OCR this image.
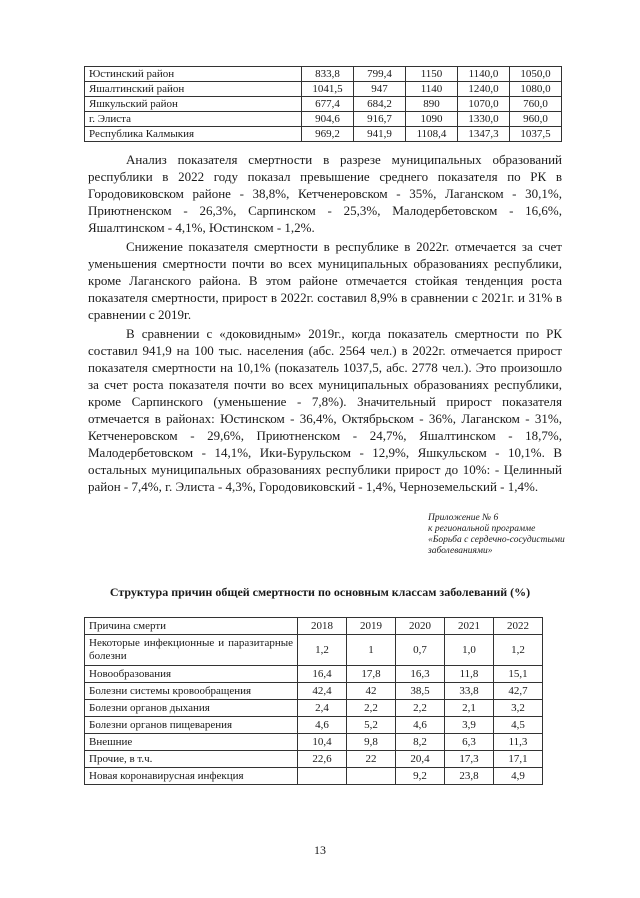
Юстинский район	833,8	799,4	1150	1140,0	1050,0
Яшалтинский район	1041,5	947	1140	1240,0	1080,0
Яшкульский район	677,4	684,2	890	1070,0	760,0
г. Элиста	904,6	916,7	1090	1330,0	960,0
Республика Калмыкия	969,2	941,9	1108,4	1347,3	1037,5

Анализ показателя смертности в разрезе муниципальных образований республики в 2022 году показал превышение среднего показателя по РК в Городовиковском районе - 38,8%, Кетченеровском - 35%, Лаганском - 30,1%, Приютненском - 26,3%, Сарпинском - 25,3%, Малодербетовском - 16,6%, Яшалтинском - 4,1%, Юстинском - 1,2%.

Снижение показателя смертности в республике в 2022г. отмечается за счет уменьшения смертности почти во всех муниципальных образованиях республики, кроме Лаганского района. В этом районе отмечается стойкая тенденция роста показателя смертности, прирост в 2022г. составил 8,9% в сравнении с 2021г. и 31% в сравнении с 2019г.

В сравнении с «доковидным» 2019г., когда показатель смертности по РК составил 941,9 на 100 тыс. населения (абс. 2564 чел.) в 2022г. отмечается прирост показателя смертности на 10,1% (показатель 1037,5, абс. 2778 чел.). Это произошло за счет роста показателя почти во всех муниципальных образованиях республики, кроме Сарпинского (уменьшение - 7,8%). Значительный прирост показателя отмечается в районах: Юстинском - 36,4%, Октябрьском - 36%, Лаганском - 31%, Кетченеровском - 29,6%, Приютненском - 24,7%, Яшалтинском - 18,7%, Малодербетовском - 14,1%, Ики-Бурульском - 12,9%, Яшкульском - 10,1%. В остальных муниципальных образованиях республики прирост до 10%: - Целинный район - 7,4%, г. Элиста - 4,3%, Городовиковский - 1,4%, Черноземельский - 1,4%.

Приложение № 6
к региональной программе
«Борьба с сердечно-сосудистыми
заболеваниями»
Структура причин общей смертности по основным классам заболеваний (%)
Причина смерти	2018	2019	2020	2021	2022
Некоторые инфекционные и паразитарные болезни	1,2	1	0,7	1,0	1,2
Новообразования	16,4	17,8	16,3	11,8	15,1
Болезни системы кровообращения	42,4	42	38,5	33,8	42,7
Болезни органов дыхания	2,4	2,2	2,2	2,1	3,2
Болезни органов пищеварения	4,6	5,2	4,6	3,9	4,5
Внешние	10,4	9,8	8,2	6,3	11,3
Прочие, в т.ч.	22,6	22	20,4	17,3	17,1
Новая коронавирусная инфекция			9,2	23,8	4,9
13
